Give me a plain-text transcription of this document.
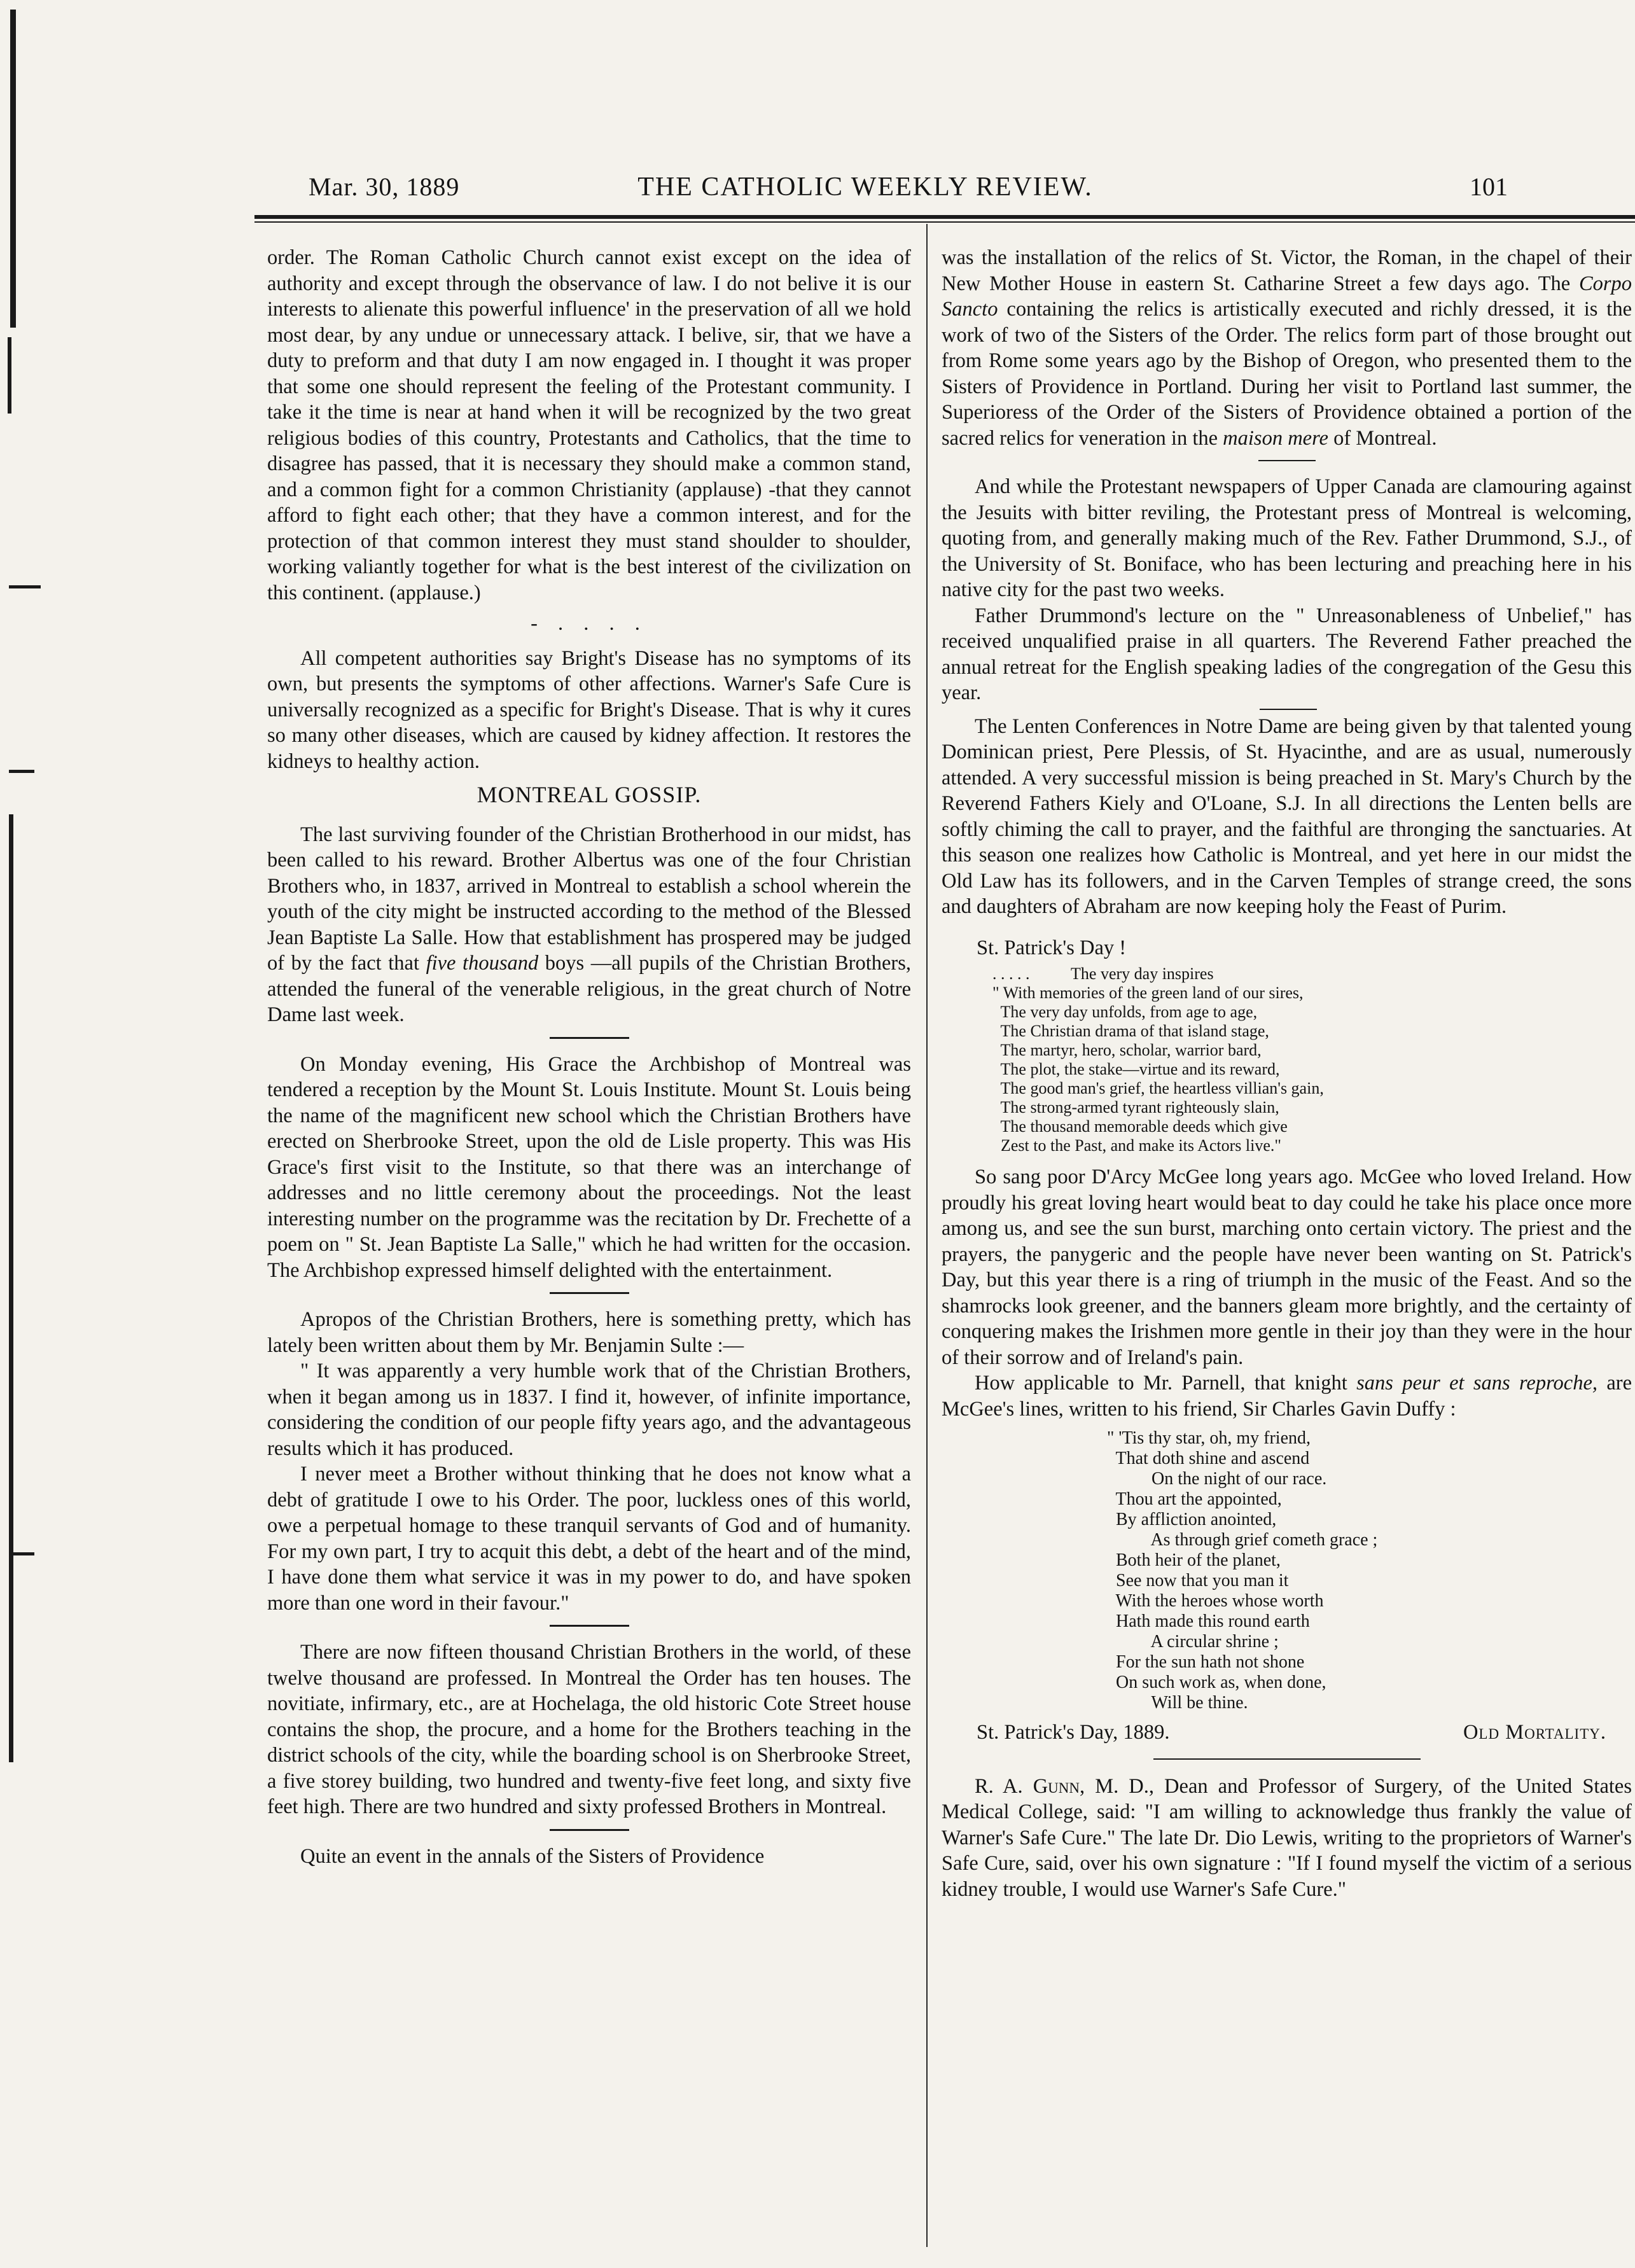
Mar. 30, 1889	THE CATHOLIC WEEKLY REVIEW.	101

order. The Roman Catholic Church cannot exist except on the idea of authority and except through the observance of law. I do not belive it is our interests to alienate this powerful influence' in the preservation of all we hold most dear, by any undue or unnecessary attack. I belive, sir, that we have a duty to preform and that duty I am now engaged in. I thought it was proper that some one should represent the feeling of the Protestant community. I take it the time is near at hand when it will be recognized by the two great religious bodies of this country, Protestants and Catholics, that the time to disagree has passed, that it is necessary they should make a common stand, and a common fight for a common Christianity (applause) -that they cannot afford to fight each other; that they have a common interest, and for the protection of that common interest they must stand shoulder to shoulder, working valiantly together for what is the best interest of the civilization on this continent. (applause.)

- . . . .

All competent authorities say Bright's Disease has no symptoms of its own, but presents the symptoms of other affections. Warner's Safe Cure is universally recognized as a specific for Bright's Disease. That is why it cures so many other diseases, which are caused by kidney affection. It restores the kidneys to healthy action.

MONTREAL GOSSIP.

The last surviving founder of the Christian Brotherhood in our midst, has been called to his reward. Brother Albertus was one of the four Christian Brothers who, in 1837, arrived in Montreal to establish a school wherein the youth of the city might be instructed according to the method of the Blessed Jean Baptiste La Salle. How that establishment has prospered may be judged of by the fact that five thousand boys —all pupils of the Christian Brothers, attended the funeral of the venerable religious, in the great church of Notre Dame last week.

On Monday evening, His Grace the Archbishop of Montreal was tendered a reception by the Mount St. Louis Institute. Mount St. Louis being the name of the magnificent new school which the Christian Brothers have erected on Sherbrooke Street, upon the old de Lisle property. This was His Grace's first visit to the Institute, so that there was an interchange of addresses and no little ceremony about the proceedings. Not the least interesting number on the programme was the recitation by Dr. Frechette of a poem on " St. Jean Baptiste La Salle," which he had written for the occasion. The Archbishop expressed himself delighted with the entertainment.

Apropos of the Christian Brothers, here is something pretty, which has lately been written about them by Mr. Benjamin Sulte :—

" It was apparently a very humble work that of the Christian Brothers, when it began among us in 1837. I find it, however, of infinite importance, considering the condition of our people fifty years ago, and the advantageous results which it has produced.

I never meet a Brother without thinking that he does not know what a debt of gratitude I owe to his Order. The poor, luckless ones of this world, owe a perpetual homage to these tranquil servants of God and of humanity. For my own part, I try to acquit this debt, a debt of the heart and of the mind, I have done them what service it was in my power to do, and have spoken more than one word in their favour."

There are now fifteen thousand Christian Brothers in the world, of these twelve thousand are professed. In Montreal the Order has ten houses. The novitiate, infirmary, etc., are at Hochelaga, the old historic Cote Street house contains the shop, the procure, and a home for the Brothers teaching in the district schools of the city, while the boarding school is on Sherbrooke Street, a five storey building, two hundred and twenty-five feet long, and sixty five feet high. There are two hundred and sixty professed Brothers in Montreal.

Quite an event in the annals of the Sisters of Providence

was the installation of the relics of St. Victor, the Roman, in the chapel of their New Mother House in eastern St. Catharine Street a few days ago. The Corpo Sancto containing the relics is artistically executed and richly dressed, it is the work of two of the Sisters of the Order. The relics form part of those brought out from Rome some years ago by the Bishop of Oregon, who presented them to the Sisters of Providence in Portland. During her visit to Portland last summer, the Superioress of the Order of the Sisters of Providence obtained a portion of the sacred relics for veneration in the maison mere of Montreal.

And while the Protestant newspapers of Upper Canada are clamouring against the Jesuits with bitter reviling, the Protestant press of Montreal is welcoming, quoting from, and generally making much of the Rev. Father Drummond, S.J., of the University of St. Boniface, who has been lecturing and preaching here in his native city for the past two weeks.

Father Drummond's lecture on the " Unreasonableness of Unbelief," has received unqualified praise in all quarters. The Reverend Father preached the annual retreat for the English speaking ladies of the congregation of the Gesu this year.

The Lenten Conferences in Notre Dame are being given by that talented young Dominican priest, Pere Plessis, of St. Hyacinthe, and are as usual, numerously attended. A very successful mission is being preached in St. Mary's Church by the Reverend Fathers Kiely and O'Loane, S.J. In all directions the Lenten bells are softly chiming the call to prayer, and the faithful are thronging the sanctuaries. At this season one realizes how Catholic is Montreal, and yet here in our midst the Old Law has its followers, and in the Carven Temples of strange creed, the sons and daughters of Abraham are now keeping holy the Feast of Purim.

St. Patrick's Day !

. . . . .          The very day inspires
" With memories of the green land of our sires,
The very day unfolds, from age to age,
The Christian drama of that island stage,
The martyr, hero, scholar, warrior bard,
The plot, the stake—virtue and its reward,
The good man's grief, the heartless villian's gain,
The strong-armed tyrant righteously slain,
The thousand memorable deeds which give
Zest to the Past, and make its Actors live."

So sang poor D'Arcy McGee long years ago. McGee who loved Ireland. How proudly his great loving heart would beat to day could he take his place once more among us, and see the sun burst, marching onto certain victory. The priest and the prayers, the panygeric and the people have never been wanting on St. Patrick's Day, but this year there is a ring of triumph in the music of the Feast. And so the shamrocks look greener, and the banners gleam more brightly, and the certainty of conquering makes the Irishmen more gentle in their joy than they were in the hour of their sorrow and of Ireland's pain.

How applicable to Mr. Parnell, that knight sans peur et sans reproche, are McGee's lines, written to his friend, Sir Charles Gavin Duffy :

" 'Tis thy star, oh, my friend,
That doth shine and ascend
On the night of our race.
Thou art the appointed,
By affliction anointed,
As through grief cometh grace ;
Both heir of the planet,
See now that you man it
With the heroes whose worth
Hath made this round earth
A circular shrine ;
For the sun hath not shone
On such work as, when done,
Will be thine.
St. Patrick's Day, 1889.	Old Mortality.

R. A. Gunn, M. D., Dean and Professor of Surgery, of the United States Medical College, said: "I am willing to acknowledge thus frankly the value of Warner's Safe Cure." The late Dr. Dio Lewis, writing to the proprietors of Warner's Safe Cure, said, over his own signature : "If I found myself the victim of a serious kidney trouble, I would use Warner's Safe Cure."
